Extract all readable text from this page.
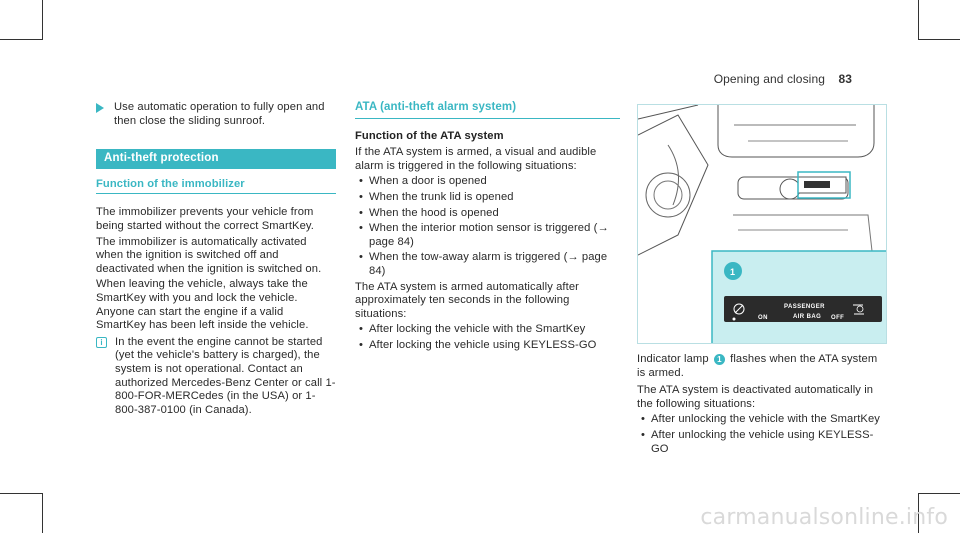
Opening and closing 83
Use automatic operation to fully open and then close the sliding sunroof.
Anti-theft protection
Function of the immobilizer

The immobilizer prevents your vehicle from being started without the correct SmartKey.

The immobilizer is automatically activated when the ignition is switched off and deactivated when the ignition is switched on.

When leaving the vehicle, always take the SmartKey with you and lock the vehicle. Anyone can start the engine if a valid SmartKey has been left inside the vehicle.

i	In the event the engine cannot be started (yet the vehicle's battery is charged), the system is not operational. Contact an authorized Mercedes-Benz Center or call 1-800-FOR-MERCedes (in the USA) or 1-800-387-0100 (in Canada).
ATA (anti-theft alarm system)
Function of the ATA system

If the ATA system is armed, a visual and audible alarm is triggered in the following situations:

• When a door is opened
• When the trunk lid is opened
• When the hood is opened
• When the interior motion sensor is triggered (→ page 84)
• When the tow-away alarm is triggered (→ page 84)

The ATA system is armed automatically after approximately ten seconds in the following situations:

• After locking the vehicle with the SmartKey
• After locking the vehicle using KEYLESS-GO
1
ON
PASSENGER
AIR BAG OFF

Indicator lamp 1 flashes when the ATA system is armed.

The ATA system is deactivated automatically in the following situations:

• After unlocking the vehicle with the SmartKey
• After unlocking the vehicle using KEYLESS-GO
carmanualsonline.info
